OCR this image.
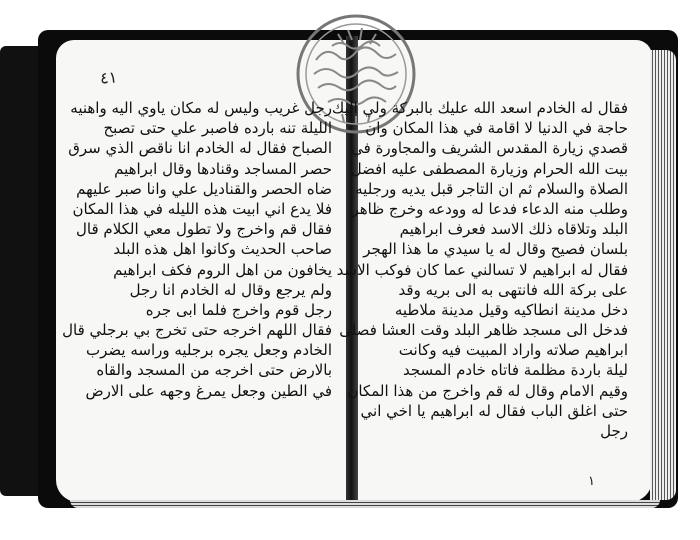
٤١
رجل غريب وليس له مكان ياوي اليه واهنيه
الليلة تنه بارده فاصبر علي حتى تصبح
الصباح فقال له الخادم انا ناقص الذي سرق
حصر المساجد وقنادها وقال ابراهيم
ضاه الحصر والقناديل علي وانا صبر عليهم
فلا يدع اني ابيت هذه الليله في هذا المكان
فقال قم واخرج ولا تطول معي الكلام قال
صاحب الحديث وكانوا اهل هذه البلد
يخافون من اهل الروم فكف ابراهيم
ولم يرجع وقال له الخادم انا رجل
رجل قوم واخرج فلما ابى جره
فقال اللهم اخرجه حتى تخرج بي برجلي قال
الخادم وجعل يجره برجليه وراسه يضرب
بالارض حتى اخرجه من المسجد والقاه
في الطين وجعل يمرغ وجهه على الارض
فقال له الخادم اسعد الله عليك بالبركة ولي اليك
حاجة في الدنيا لا اقامة في هذا المكان وان
قصدي زيارة المقدس الشريف والمجاورة في
بيت الله الحرام وزيارة المصطفى عليه افضل
الصلاة والسلام ثم ان التاجر قبل يديه ورجليه
وطلب منه الدعاء فدعا له وودعه وخرج ظاهر
البلد وتلاقاه ذلك الاسد فعرف ابراهيم
بلسان فصيح وقال له يا سيدي ما هذا الهجر
فقال له ابراهيم لا تسالني عما كان فوكب الاسد
على بركة الله فانتهى به الى بريه وقد
دخل مدينة انطاكيه وقيل مدينة ملاطيه
فدخل الى مسجد ظاهر البلد وقت العشا فصلى
ابراهيم صلاته واراد المبيت فيه وكانت
ليلة باردة مظلمة فاتاه خادم المسجد
وقيم الامام وقال له قم واخرج من هذا المكان
حتى اغلق الباب فقال له ابراهيم يا اخي اني
رجل
١
